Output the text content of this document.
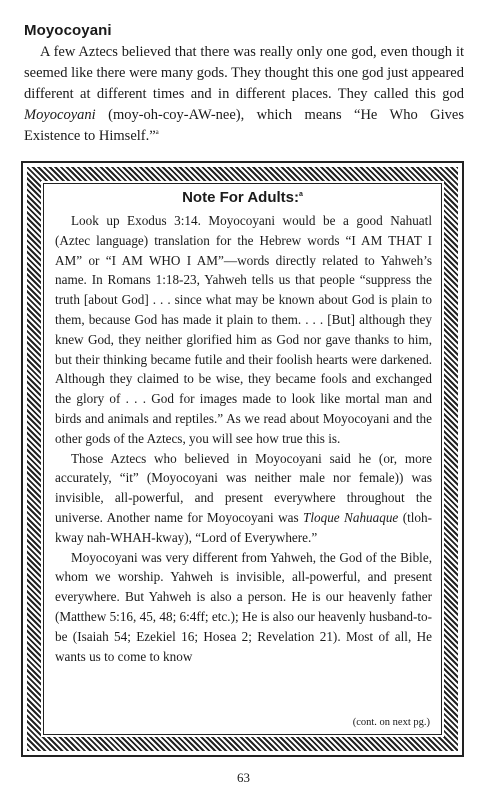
Moyocoyani

A few Aztecs believed that there was really only one god, even though it seemed like there were many gods. They thought this one god just appeared different at different times and in different places. They called this god Moyocoyani (moy-oh-coy-AW-nee), which means “He Who Gives Existence to Himself.”$^a$

Note For Adults:$^a$

Look up Exodus 3:14. Moyocoyani would be a good Nahuatl (Aztec language) translation for the Hebrew words “I AM THAT I AM” or “I AM WHO I AM”—words directly related to Yahweh’s name. In Romans 1:18-23, Yahweh tells us that people “suppress the truth [about God] . . . since what may be known about God is plain to them, because God has made it plain to them. . . . [But] although they knew God, they neither glorified him as God nor gave thanks to him, but their thinking became futile and their foolish hearts were darkened. Although they claimed to be wise, they became fools and exchanged the glory of . . . God for images made to look like mortal man and birds and animals and reptiles.” As we read about Moyocoyani and the other gods of the Aztecs, you will see how true this is.

Those Aztecs who believed in Moyocoyani said he (or, more accurately, “it” (Moyocoyani was neither male nor female)) was invisible, all-powerful, and present everywhere throughout the universe. Another name for Moyocoyani was Tloque Nahuaque (tloh-kway nah-WHAH-kway), “Lord of Everywhere.”

Moyocoyani was very different from Yahweh, the God of the Bible, whom we worship. Yahweh is invisible, all-powerful, and present everywhere. But Yahweh is also a person. He is our heavenly father (Matthew 5:16, 45, 48; 6:4ff; etc.); He is also our heavenly husband-to-be (Isaiah 54; Ezekiel 16; Hosea 2; Revelation 21). Most of all, He wants us to come to know

(cont. on next pg.)
63
